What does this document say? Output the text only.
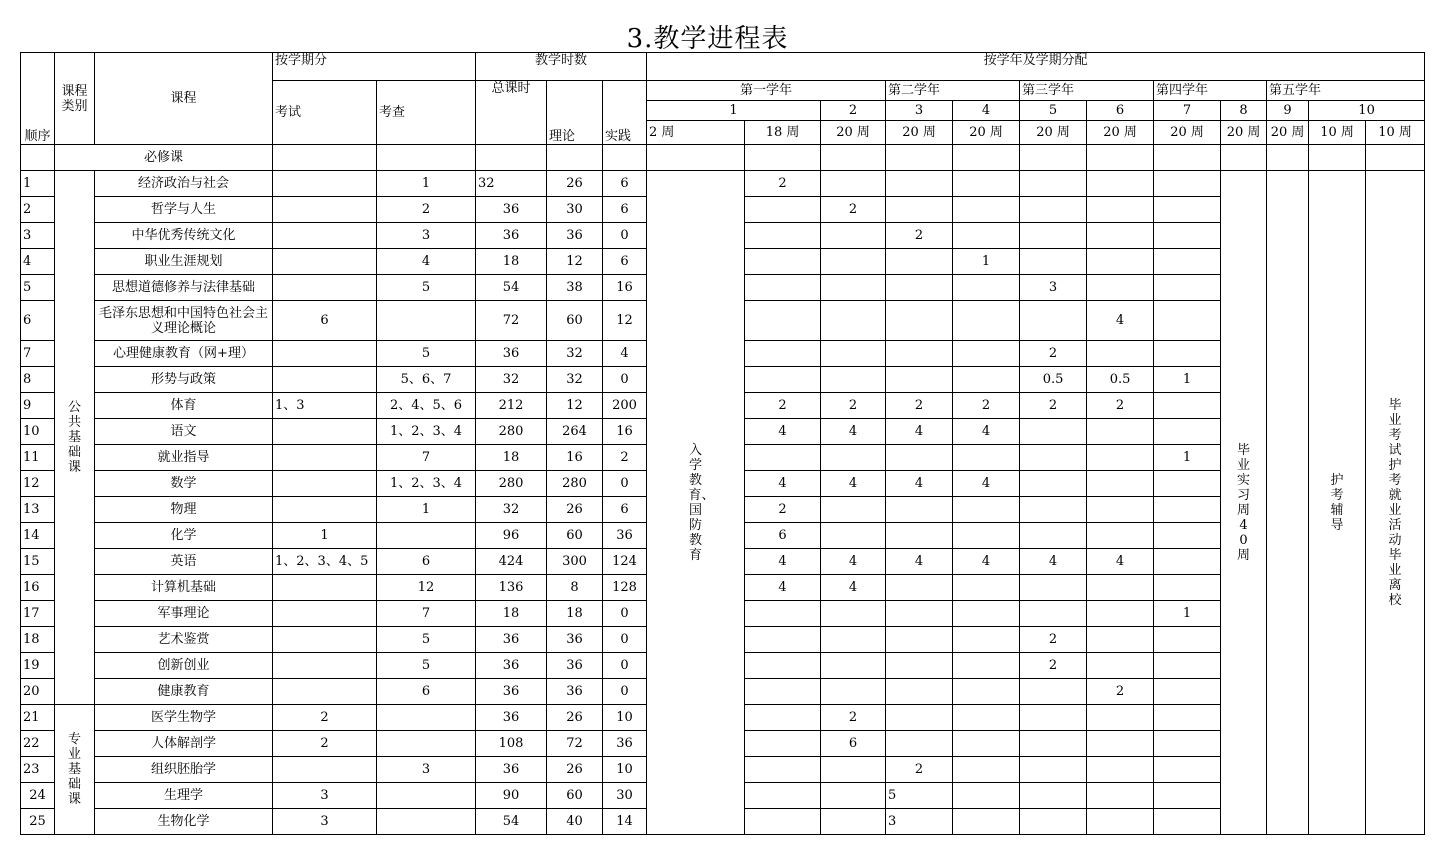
3.教学进程表
顺序	课程类别	课程	按学期分		教学时数			按学年及学期分配											
			考试	考查	总课时	理论	实践	第一学年			第二学年		第三学年		第四学年		第五学年		
								1		2	3	4	5	6	7	8	9	10	
								2 周	18 周	20 周	20 周	20 周	20 周	20 周	20 周	20 周	20 周	10 周	10 周
	必修课																		
1	公共基础课	经济政治与社会		1	32	26	6	入学教育、国防教育	2							毕业实习周40周		护考辅导	毕业考试 护考 就业活动 毕业离校
2		哲学与人生		2	36	30	6			2									
3		中华优秀传统文化		3	36	36	0				2								
4		职业生涯规划		4	18	12	6					1							
5		思想道德修养与法律基础		5	54	38	16						3						
6		毛泽东思想和中国特色社会主义理论概论	6		72	60	12							4					
7		心理健康教育（网+理）		5	36	32	4						2						
8		形势与政策		5、6、7	32	32	0						0.5	0.5	1				
9		体育	1、3	2、4、5、6	212	12	200		2	2	2	2	2	2					
10		语文		1、2、3、4	280	264	16		4	4	4	4							
11		就业指导		7	18	16	2								1				
12		数学		1、2、3、4	280	280	0		4	4	4	4							
13		物理		1	32	26	6		2										
14		化学	1		96	60	36		6										
15		英语	1、2、3、4、5	6	424	300	124		4	4	4	4	4	4					
16		计算机基础		12	136	8	128		4	4									
17		军事理论		7	18	18	0								1				
18		艺术鉴赏		5	36	36	0						2						
19		创新创业		5	36	36	0						2						
20		健康教育		6	36	36	0							2					
21	专业基础课	医学生物学	2		36	26	10			2									
22		人体解剖学	2		108	72	36			6									
23		组织胚胎学		3	36	26	10				2								
24		生理学	3		90	60	30				5								
25		生物化学	3		54	40	14				3								
